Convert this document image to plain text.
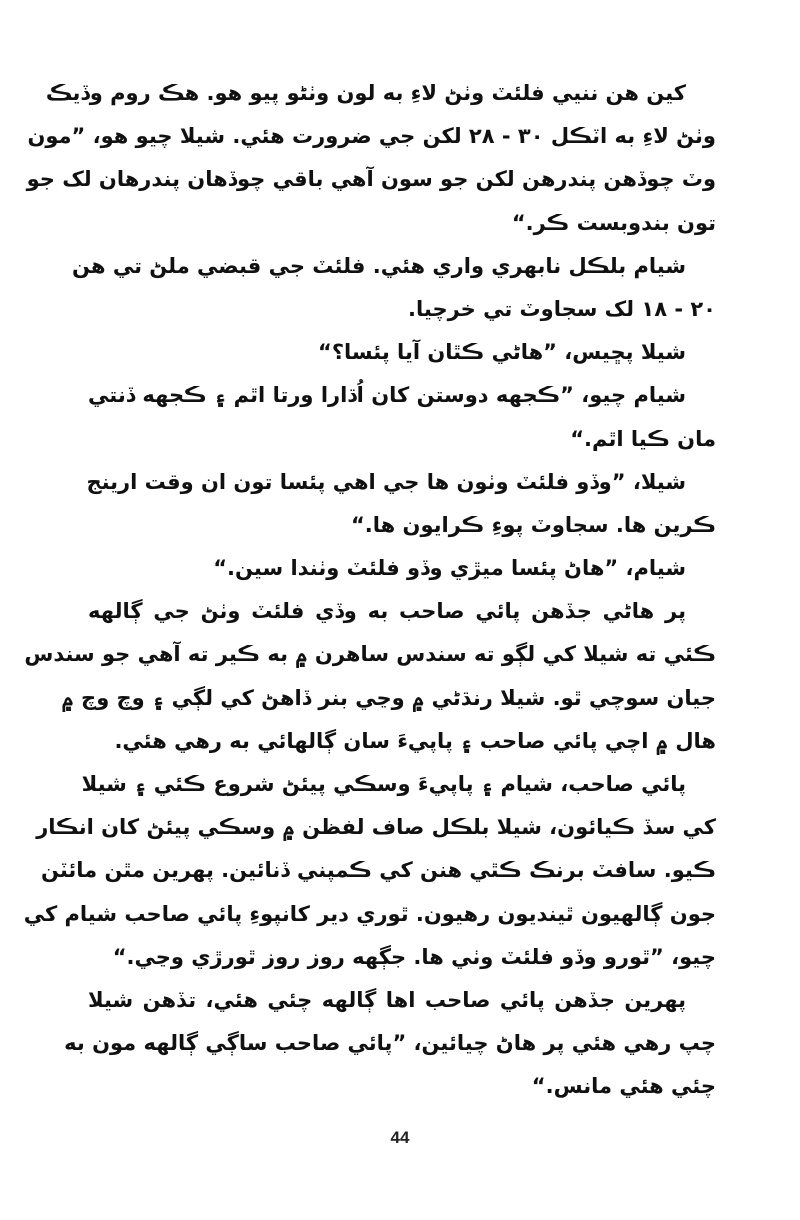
کين هن ننيي فلئٽ وٺڻ لاءِ به لون وٺڻو پيو هو. هڪ روم وڏيڪ
وٺڻ لاءِ به اٽڪل ٣٠ - ٢٨ لکن جي ضرورت هئي. شيلا چيو هو، ”مون
وٽ چوڏهن پندرهن لکن جو سون آهي باقي چوڏهان پندرهان لک جو
تون بندوبست ڪر.“
شيام بلڪل نابهري واري هئي. فلئٽ جي قبضي ملڻ تي هن
٢٠ - ١٨ لک سجاوٽ تي خرچيا.
شيلا پڇيس، ”هاڻي ڪٿان آيا پئسا؟“
شيام چيو، ”ڪجهه دوستن کان اُڌارا ورتا اٿم ۽ ڪجهه ڏنتي
مان ڪيا اٿم.“
شيلا، ”وڏو فلئٽ وٺون ها جي اهي پئسا تون ان وقت ارينج
ڪرين ها. سجاوٽ پوءِ ڪرايون ها.“
شيام، ”هاڻ پئسا ميڙي وڏو فلئٽ وٺندا سين.“
پر هاڻي جڏهن پائي صاحب به وڏي فلئٽ وٺڻ جي ڳالهه
ڪئي ته شيلا کي لڳو ته سندس ساهرن ۾ به ڪير ته آهي جو سندس
جيان سوچي ٿو. شيلا رنڌڻي ۾ وڃي بنر ڏاهڻ کي لڳي ۽ وچ وچ ۾
هال ۾ اچي پائي صاحب ۽ پاپيءَ سان ڳالهائي به رهي هئي.
پائي صاحب، شيام ۽ پاپيءَ وسڪي پيئڻ شروع ڪئي ۽ شيلا
کي سڏ ڪيائون، شيلا بلڪل صاف لفظن ۾ وسڪي پيئڻ کان انڪار
ڪيو. سافٽ برنڪ ڪٿي هنن کي ڪمپني ڏنائين. پهرين مٿن مائٽن
جون ڳالهيون ٿينديون رهيون. ٿوري دير کانپوءِ پائي صاحب شيام کي
چيو، ”ٿورو وڏو فلئٽ وٺي ها. جڳهه روز روز ٿورڙي وڃي.“
پهرين جڏهن پائي صاحب اها ڳالهه چئي هئي، تڏهن شيلا
چپ رهي هئي پر هاڻ چيائين، ”پائي صاحب ساڳي ڳالهه مون به
چئي هئي مانس.“
44
